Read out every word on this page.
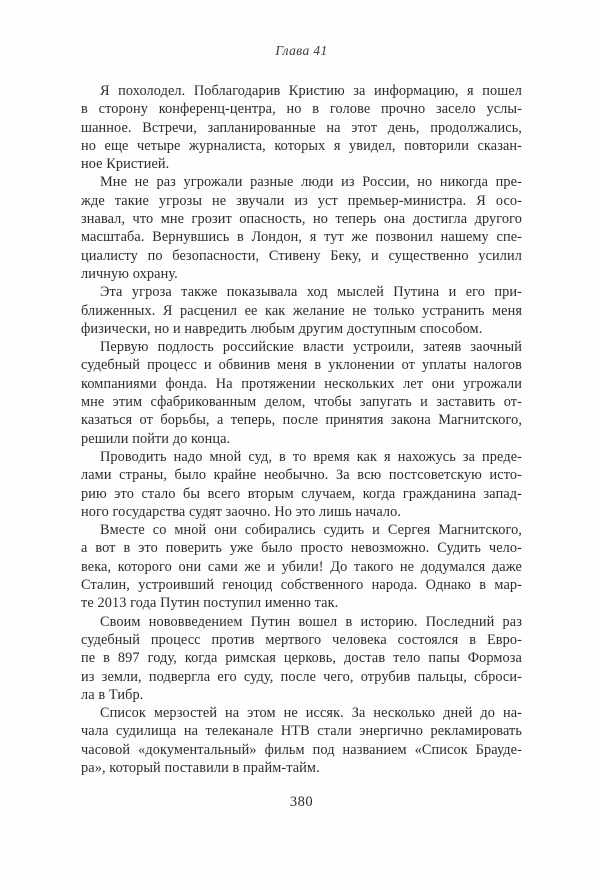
Глава 41
Я похолодел. Поблагодарив Кристию за информацию, я пошел
в сторону конференц-центра, но в голове прочно засело услы-
шанное. Встречи, запланированные на этот день, продолжались,
но еще четыре журналиста, которых я увидел, повторили сказан-
ное Кристией.
Мне не раз угрожали разные люди из России, но никогда пре-
жде такие угрозы не звучали из уст премьер-министра. Я осо-
знавал, что мне грозит опасность, но теперь она достигла другого
масштаба. Вернувшись в Лондон, я тут же позвонил нашему спе-
циалисту по безопасности, Стивену Беку, и существенно усилил
личную охрану.
Эта угроза также показывала ход мыслей Путина и его при-
ближенных. Я расценил ее как желание не только устранить меня
физически, но и навредить любым другим доступным способом.
Первую подлость российские власти устроили, затеяв заочный
судебный процесс и обвинив меня в уклонении от уплаты налогов
компаниями фонда. На протяжении нескольких лет они угрожали
мне этим сфабрикованным делом, чтобы запугать и заставить от-
казаться от борьбы, а теперь, после принятия закона Магнитского,
решили пойти до конца.
Проводить надо мной суд, в то время как я нахожусь за преде-
лами страны, было крайне необычно. За всю постсоветскую исто-
рию это стало бы всего вторым случаем, когда гражданина запад-
ного государства судят заочно. Но это лишь начало.
Вместе со мной они собирались судить и Сергея Магнитского,
а вот в это поверить уже было просто невозможно. Судить чело-
века, которого они сами же и убили! До такого не додумался даже
Сталин, устроивший геноцид собственного народа. Однако в мар-
те 2013 года Путин поступил именно так.
Своим нововведением Путин вошел в историю. Последний раз
судебный процесс против мертвого человека состоялся в Евро-
пе в 897 году, когда римская церковь, достав тело папы Формоза
из земли, подвергла его суду, после чего, отрубив пальцы, сброси-
ла в Тибр.
Список мерзостей на этом не иссяк. За несколько дней до на-
чала судилища на телеканале НТВ стали энергично рекламировать
часовой «документальный» фильм под названием «Список Брауде-
ра», который поставили в прайм-тайм.
380
